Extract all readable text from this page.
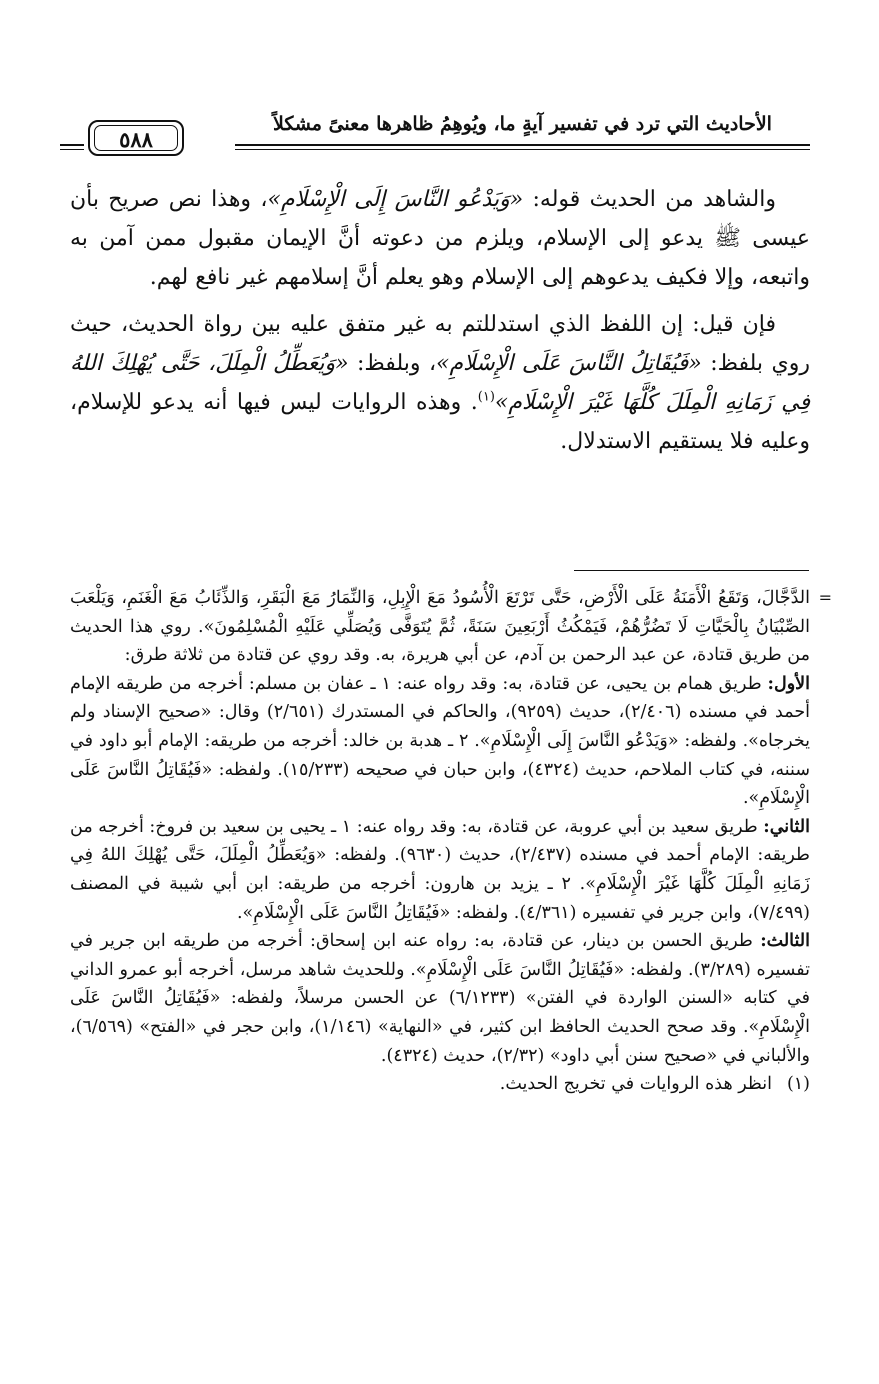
الأحاديث التي ترد في تفسير آيةٍ ما، ويُوهِمُ ظاهرها معنىً مشكلاً
٥٨٨

والشاهد من الحديث قوله: «وَيَدْعُو النَّاسَ إِلَى الْإِسْلَامِ»، وهذا نص صريح بأن عيسى ﷺ يدعو إلى الإسلام، ويلزم من دعوته أنَّ الإيمان مقبول ممن آمن به واتبعه، وإلا فكيف يدعوهم إلى الإسلام وهو يعلم أنَّ إسلامهم غير نافع لهم.

فإن قيل: إن اللفظ الذي استدللتم به غير متفق عليه بين رواة الحديث، حيث روي بلفظ: «فَيُقَاتِلُ النَّاسَ عَلَى الْإِسْلَامِ»، وبلفظ: «وَيُعَطِّلُ الْمِلَلَ، حَتَّى يُهْلِكَ اللهُ فِي زَمَانِهِ الْمِلَلَ كُلَّهَا غَيْرَ الْإِسْلَامِ»$^{(١)}$. وهذه الروايات ليس فيها أنه يدعو للإسلام، وعليه فلا يستقيم الاستدلال.

=

الدَّجَّالَ، وَتَقَعُ الْأَمَنَةُ عَلَى الْأَرْضِ، حَتَّى تَرْتَعَ الْأُسُودُ مَعَ الْإِبِلِ، وَالنِّمَارُ مَعَ الْبَقَرِ، وَالذِّئَابُ مَعَ الْغَنَمِ، وَيَلْعَبَ الصِّبْيَانُ بِالْحَيَّاتِ لَا تَضُرُّهُمْ، فَيَمْكُثُ أَرْبَعِينَ سَنَةً، ثُمَّ يُتَوَفَّى وَيُصَلِّي عَلَيْهِ الْمُسْلِمُونَ». روي هذا الحديث من طريق قتادة، عن عبد الرحمن بن آدم، عن أبي هريرة، به. وقد روي عن قتادة من ثلاثة طرق:

الأول: طريق همام بن يحيى، عن قتادة، به: وقد رواه عنه: ١ ـ عفان بن مسلم: أخرجه من طريقه الإمام أحمد في مسنده (٢/٤٠٦)، حديث (٩٢٥٩)، والحاكم في المستدرك (٢/٦٥١) وقال: «صحيح الإسناد ولم يخرجاه». ولفظه: «وَيَدْعُو النَّاسَ إِلَى الْإِسْلَامِ». ٢ ـ هدبة بن خالد: أخرجه من طريقه: الإمام أبو داود في سننه، في كتاب الملاحم، حديث (٤٣٢٤)، وابن حبان في صحيحه (١٥/٢٣٣). ولفظه: «فَيُقَاتِلُ النَّاسَ عَلَى الْإِسْلَامِ».

الثاني: طريق سعيد بن أبي عروبة، عن قتادة، به: وقد رواه عنه: ١ ـ يحيى بن سعيد بن فروخ: أخرجه من طريقه: الإمام أحمد في مسنده (٢/٤٣٧)، حديث (٩٦٣٠). ولفظه: «وَيُعَطِّلُ الْمِلَلَ، حَتَّى يُهْلِكَ اللهُ فِي زَمَانِهِ الْمِلَلَ كُلَّهَا غَيْرَ الْإِسْلَامِ». ٢ ـ يزيد بن هارون: أخرجه من طريقه: ابن أبي شيبة في المصنف (٧/٤٩٩)، وابن جرير في تفسيره (٤/٣٦١). ولفظه: «فَيُقَاتِلُ النَّاسَ عَلَى الْإِسْلَامِ».

الثالث: طريق الحسن بن دينار، عن قتادة، به: رواه عنه ابن إسحاق: أخرجه من طريقه ابن جرير في تفسيره (٣/٢٨٩). ولفظه: «فَيُقَاتِلُ النَّاسَ عَلَى الْإِسْلَامِ». وللحديث شاهد مرسل، أخرجه أبو عمرو الداني في كتابه «السنن الواردة في الفتن» (٦/١٢٣٣) عن الحسن مرسلاً، ولفظه: «فَيُقَاتِلُ النَّاسَ عَلَى الْإِسْلَامِ». وقد صحح الحديث الحافظ ابن كثير، في «النهاية» (١/١٤٦)، وابن حجر في «الفتح» (٦/٥٦٩)، والألباني في «صحيح سنن أبي داود» (٢/٣٢)، حديث (٤٣٢٤).

(١)انظر هذه الروايات في تخريج الحديث.
